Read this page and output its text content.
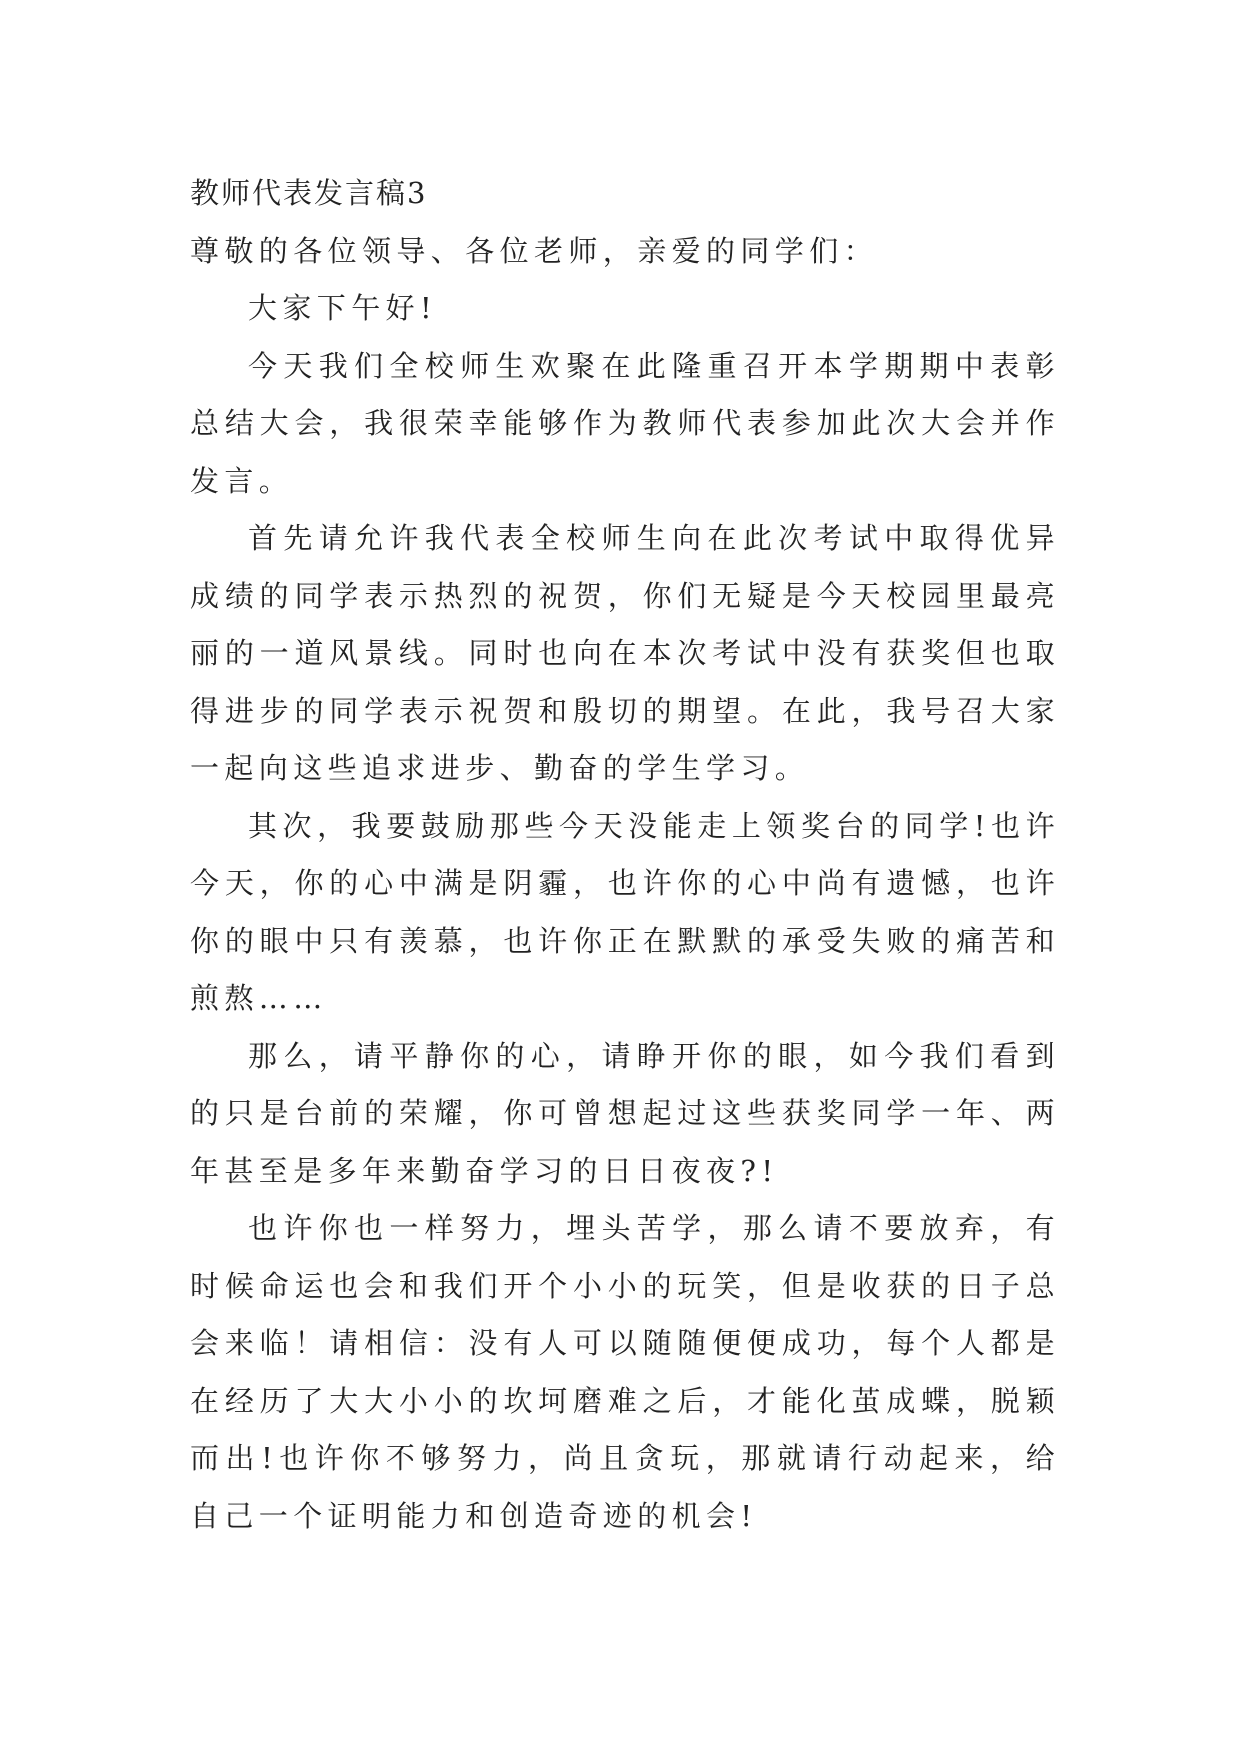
教师代表发言稿3

尊敬的各位领导、各位老师，亲爱的同学们：

大家下午好!

今天我们全校师生欢聚在此隆重召开本学期期中表彰总结大会，我很荣幸能够作为教师代表参加此次大会并作发言。

首先请允许我代表全校师生向在此次考试中取得优异成绩的同学表示热烈的祝贺，你们无疑是今天校园里最亮丽的一道风景线。同时也向在本次考试中没有获奖但也取得进步的同学表示祝贺和殷切的期望。在此，我号召大家一起向这些追求进步、勤奋的学生学习。

其次，我要鼓励那些今天没能走上领奖台的同学!也许今天，你的心中满是阴霾，也许你的心中尚有遗憾，也许你的眼中只有羡慕，也许你正在默默的承受失败的痛苦和煎熬……

那么，请平静你的心，请睁开你的眼，如今我们看到的只是台前的荣耀，你可曾想起过这些获奖同学一年、两年甚至是多年来勤奋学习的日日夜夜?!

也许你也一样努力，埋头苦学，那么请不要放弃，有时候命运也会和我们开个小小的玩笑，但是收获的日子总会来临！请相信：没有人可以随随便便成功，每个人都是在经历了大大小小的坎坷磨难之后，才能化茧成蝶，脱颖而出!也许你不够努力，尚且贪玩，那就请行动起来，给自己一个证明能力和创造奇迹的机会!
